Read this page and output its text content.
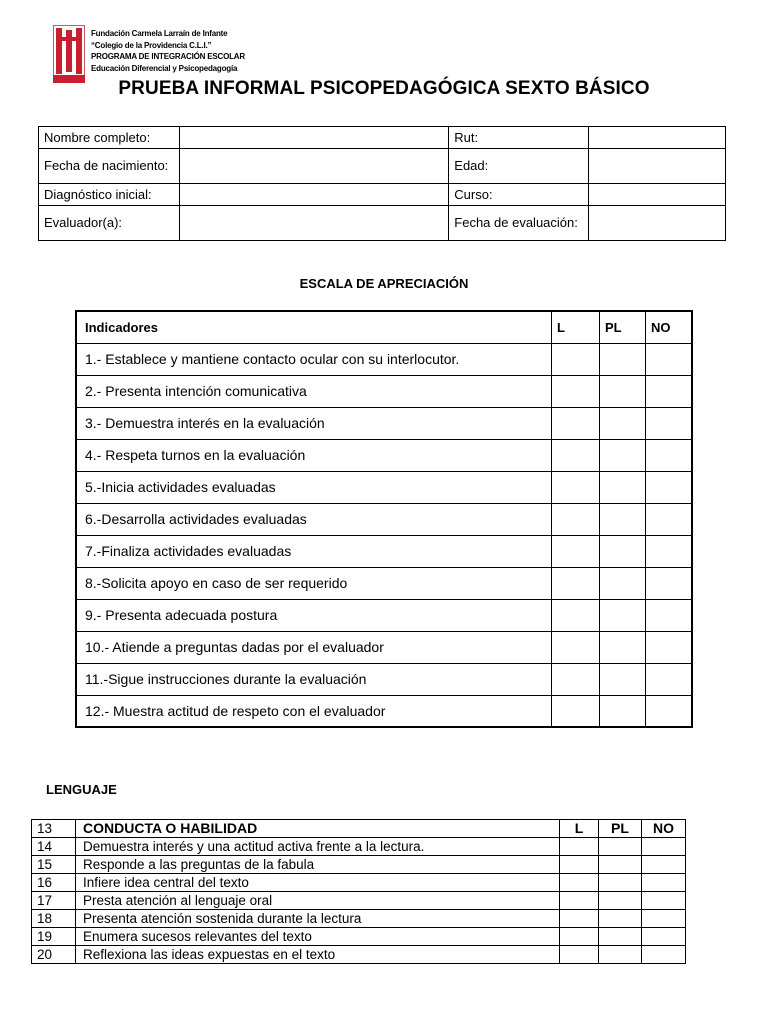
Fundación Carmela Larraín de Infante
“Colegio de la Providencia C.L.I.”
PROGRAMA DE INTEGRACIÓN ESCOLAR
Educación Diferencial y Psicopedagogía
PRUEBA INFORMAL PSICOPEDAGÓGICA SEXTO BÁSICO
Nombre completo:		Rut:	
Fecha de nacimiento:		Edad:	
Diagnóstico inicial:		Curso:	
Evaluador(a):		Fecha de evaluación:	
ESCALA DE APRECIACIÓN
Indicadores	L	PL	NO
1.- Establece y mantiene contacto ocular con su interlocutor.			
2.- Presenta intención comunicativa			
3.- Demuestra interés en la evaluación			
4.- Respeta turnos en la evaluación			
5.-Inicia actividades evaluadas			
6.-Desarrolla actividades evaluadas			
7.-Finaliza actividades evaluadas			
8.-Solicita apoyo en caso de ser requerido			
9.- Presenta adecuada postura			
10.- Atiende a preguntas dadas por el evaluador			
11.-Sigue instrucciones durante la evaluación			
12.- Muestra actitud de respeto con el evaluador			
LENGUAJE
13	CONDUCTA O HABILIDAD	L	PL	NO
14	Demuestra interés y una actitud activa frente a la lectura.			
15	Responde a las preguntas de la fabula			
16	Infiere idea central del texto			
17	Presta atención al lenguaje oral			
18	Presenta atención sostenida durante la lectura			
19	Enumera sucesos relevantes del texto			
20	Reflexiona las ideas expuestas en el texto			
